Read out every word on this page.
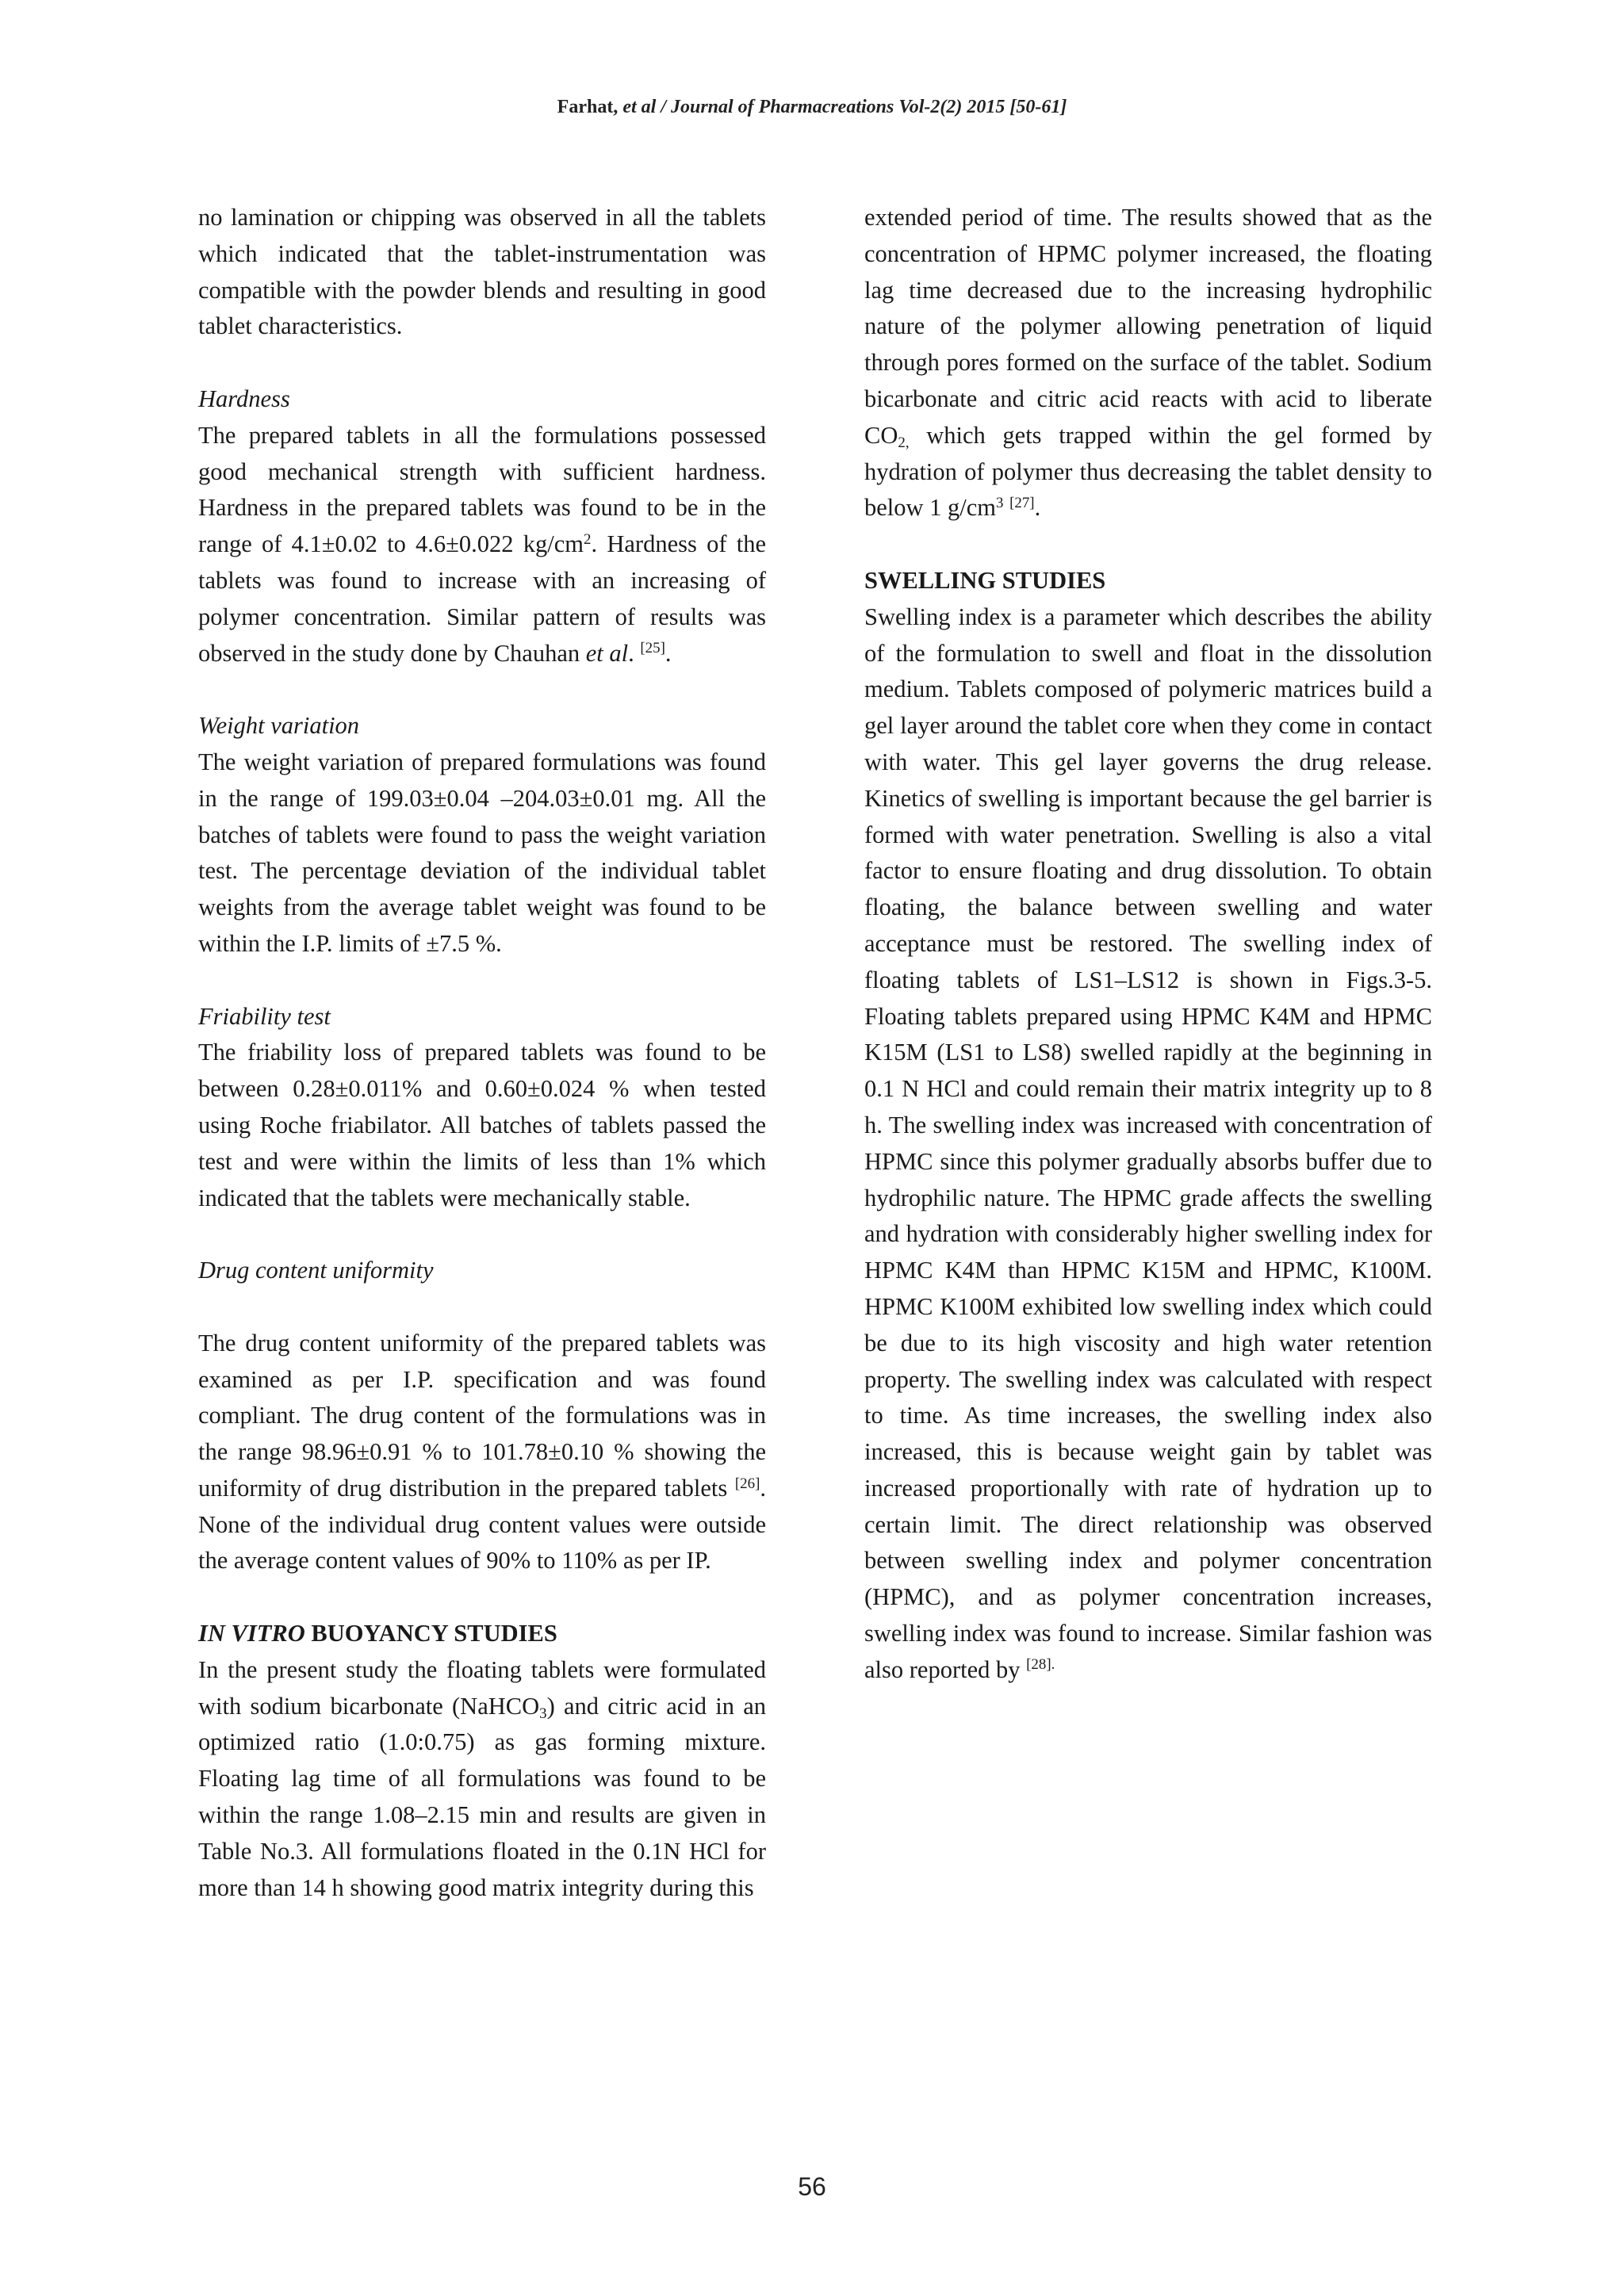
Farhat, et al / Journal of Pharmacreations Vol-2(2) 2015 [50-61]

no lamination or chipping was observed in all the tablets which indicated that the tablet-instrumentation was compatible with the powder blends and resulting in good tablet characteristics.

Hardness

The prepared tablets in all the formulations possessed good mechanical strength with sufficient hardness. Hardness in the prepared tablets was found to be in the range of 4.1±0.02 to 4.6±0.022 $kg/cm^2$. Hardness of the tablets was found to increase with an increasing of polymer concentration. Similar pattern of results was observed in the study done by Chauhan et al. [25].

Weight variation

The weight variation of prepared formulations was found in the range of 199.03±0.04 –204.03±0.01 mg. All the batches of tablets were found to pass the weight variation test. The percentage deviation of the individual tablet weights from the average tablet weight was found to be within the I.P. limits of ±7.5 %.

Friability test

The friability loss of prepared tablets was found to be between 0.28±0.011% and 0.60±0.024 % when tested using Roche friabilator. All batches of tablets passed the test and were within the limits of less than 1% which indicated that the tablets were mechanically stable.

Drug content uniformity

The drug content uniformity of the prepared tablets was examined as per I.P. specification and was found compliant. The drug content of the formulations was in the range 98.96±0.91 % to 101.78±0.10 % showing the uniformity of drug distribution in the prepared tablets [26]. None of the individual drug content values were outside the average content values of 90% to 110% as per IP.

IN VITRO BUOYANCY STUDIES

In the present study the floating tablets were formulated with sodium bicarbonate (NaHCO$_3$) and citric acid in an optimized ratio (1.0:0.75) as gas forming mixture. Floating lag time of all formulations was found to be within the range 1.08–2.15 min and results are given in Table No.3. All formulations floated in the 0.1N HCl for more than 14 h showing good matrix integrity during this

extended period of time. The results showed that as the concentration of HPMC polymer increased, the floating lag time decreased due to the increasing hydrophilic nature of the polymer allowing penetration of liquid through pores formed on the surface of the tablet. Sodium bicarbonate and citric acid reacts with acid to liberate $CO_{2,}$ which gets trapped within the gel formed by hydration of polymer thus decreasing the tablet density to below 1 $g/cm^3$ [27].

SWELLING STUDIES

Swelling index is a parameter which describes the ability of the formulation to swell and float in the dissolution medium. Tablets composed of polymeric matrices build a gel layer around the tablet core when they come in contact with water. This gel layer governs the drug release. Kinetics of swelling is important because the gel barrier is formed with water penetration. Swelling is also a vital factor to ensure floating and drug dissolution. To obtain floating, the balance between swelling and water acceptance must be restored. The swelling index of floating tablets of LS1–LS12 is shown in Figs.3-5. Floating tablets prepared using HPMC K4M and HPMC K15M (LS1 to LS8) swelled rapidly at the beginning in 0.1 N HCl and could remain their matrix integrity up to 8 h. The swelling index was increased with concentration of HPMC since this polymer gradually absorbs buffer due to hydrophilic nature. The HPMC grade affects the swelling and hydration with considerably higher swelling index for HPMC K4M than HPMC K15M and HPMC, K100M. HPMC K100M exhibited low swelling index which could be due to its high viscosity and high water retention property. The swelling index was calculated with respect to time. As time increases, the swelling index also increased, this is because weight gain by tablet was increased proportionally with rate of hydration up to certain limit. The direct relationship was observed between swelling index and polymer concentration (HPMC), and as polymer concentration increases, swelling index was found to increase. Similar fashion was also reported by $^{[28].}$

56
